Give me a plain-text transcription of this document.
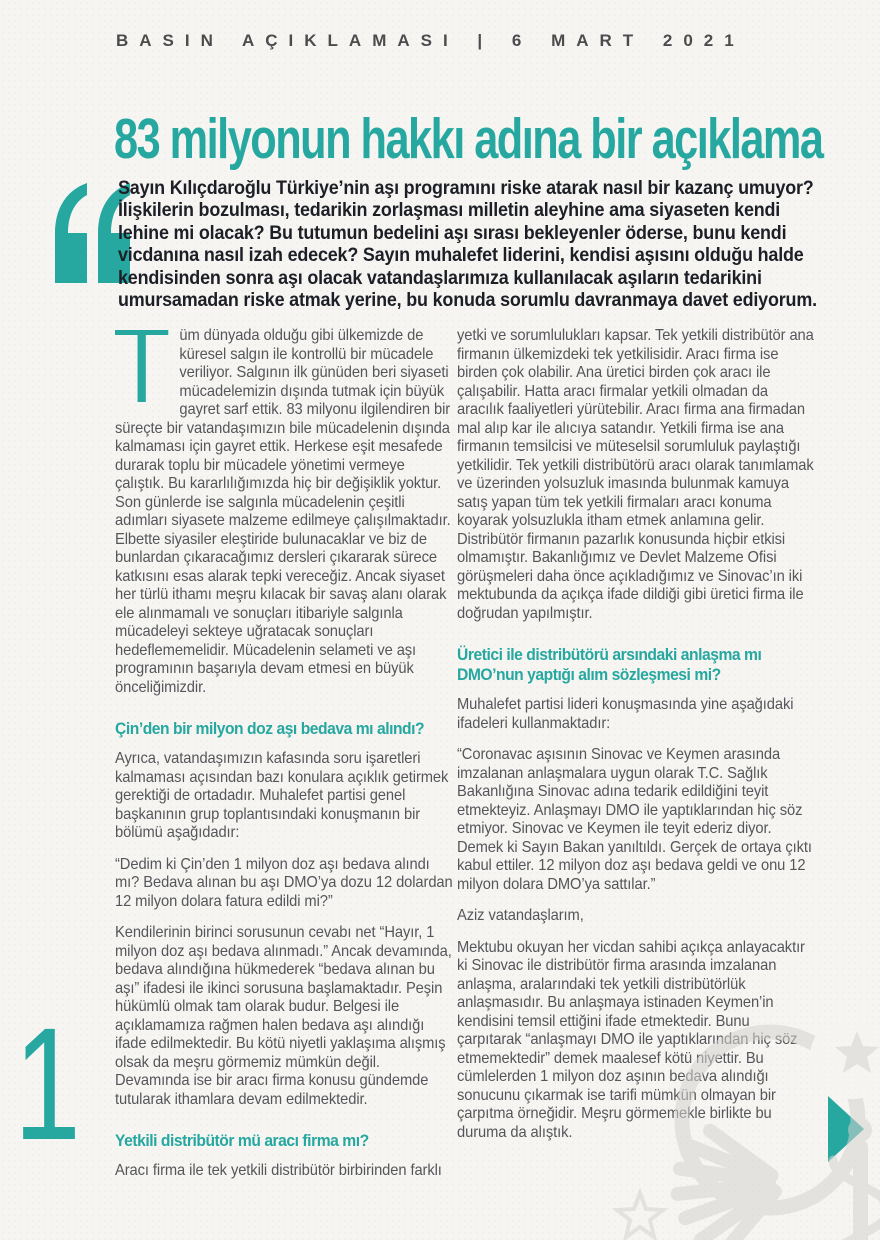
BASIN AÇIKLAMASI | 6 MART 2021
83 milyonun hakkı adına bir açıklama
Sayın Kılıçdaroğlu Türkiye’nin aşı programını riske atarak nasıl bir kazanç umuyor? İlişkilerin bozulması, tedarikin zorlaşması milletin aleyhine ama siyaseten kendi lehine mi olacak? Bu tutumun bedelini aşı sırası bekleyenler öderse, bunu kendi vicdanına nasıl izah edecek? Sayın muhalefet liderini, kendisi aşısını olduğu halde kendisinden sonra aşı olacak vatandaşlarımıza kullanılacak aşıların tedarikini umursamadan riske atmak yerine, bu konuda sorumlu davranmaya davet ediyorum.

üm dünyada olduğu gibi ülkemizde de küresel salgın ile kontrollü bir mücadele veriliyor. Salgının ilk günüden beri siyaseti mücadelemizin dışında tutmak için büyük gayret sarf ettik. 83 milyonu ilgilendiren bir süreçte bir vatandaşımızın bile mücadelenin dışında kalmaması için gayret ettik. Herkese eşit mesafede durarak toplu bir mücadele yönetimi vermeye çalıştık. Bu kararlılığımızda hiç bir değişiklik yoktur. Son günlerde ise salgınla mücadelenin çeşitli adımları siyasete malzeme edilmeye çalışılmaktadır. Elbette siyasiler eleştiride bulunacaklar ve biz de bunlardan çıkaracağımız dersleri çıkararak sürece katkısını esas alarak tepki vereceğiz. Ancak siyaset her türlü ithamı meşru kılacak bir savaş alanı olarak ele alınmamalı ve sonuçları itibariyle salgınla mücadeleyi sekteye uğratacak sonuçları hedeflememelidir. Mücadelenin selameti ve aşı programının başarıyla devam etmesi en büyük önceliğimizdir.

Çin’den bir milyon doz aşı bedava mı alındı?

Ayrıca, vatandaşımızın kafasında soru işaretleri kalmaması açısından bazı konulara açıklık getirmek gerektiği de ortadadır. Muhalefet partisi genel başkanının grup toplantısındaki konuşmanın bir bölümü aşağıdadır:

“Dedim ki Çin’den 1 milyon doz aşı bedava alındı mı? Bedava alınan bu aşı DMO’ya dozu 12 dolardan 12 milyon dolara fatura edildi mi?”

Kendilerinin birinci sorusunun cevabı net “Hayır, 1 milyon doz aşı bedava alınmadı.” Ancak devamında, bedava alındığına hükmederek “bedava alınan bu aşı” ifadesi ile ikinci sorusuna başlamaktadır. Peşin hükümlü olmak tam olarak budur. Belgesi ile açıklamamıza rağmen halen bedava aşı alındığı ifade edilmektedir. Bu kötü niyetli yaklaşıma alışmış olsak da meşru görmemiz mümkün değil. Devamında ise bir aracı firma konusu gündemde tutularak ithamlara devam edilmektedir.

Yetkili distribütör mü aracı firma mı?

Aracı firma ile tek yetkili distribütör birbirinden farklı

yetki ve sorumlulukları kapsar. Tek yetkili distribütör ana firmanın ülkemizdeki tek yetkilisidir. Aracı firma ise birden çok olabilir. Ana üretici birden çok aracı ile çalışabilir. Hatta aracı firmalar yetkili olmadan da aracılık faaliyetleri yürütebilir. Aracı firma ana firmadan mal alıp kar ile alıcıya satandır. Yetkili firma ise ana firmanın temsilcisi ve müteselsil sorumluluk paylaştığı yetkilidir. Tek yetkili distribütörü aracı olarak tanımlamak ve üzerinden yolsuzluk imasında bulunmak kamuya satış yapan tüm tek yetkili firmaları aracı konuma koyarak yolsuzlukla itham etmek anlamına gelir. Distribütör firmanın pazarlık konusunda hiçbir etkisi olmamıştır. Bakanlığımız ve Devlet Malzeme Ofisi görüşmeleri daha önce açıkladığımız ve Sinovac’ın iki mektubunda da açıkça ifade dildiği gibi üretici firma ile doğrudan yapılmıştır.

Üretici ile distribütörü arsındaki anlaşma mı DMO’nun yaptığı alım sözleşmesi mi?

Muhalefet partisi lideri konuşmasında yine aşağıdaki ifadeleri kullanmaktadır:

“Coronavac aşısının Sinovac ve Keymen arasında imzalanan anlaşmalara uygun olarak T.C. Sağlık Bakanlığına Sinovac adına tedarik edildiğini teyit etmekteyiz. Anlaşmayı DMO ile yaptıklarından hiç söz etmiyor. Sinovac ve Keymen ile teyit ederiz diyor. Demek ki Sayın Bakan yanıltıldı. Gerçek de ortaya çıktı kabul ettiler. 12 milyon doz aşı bedava geldi ve onu 12 milyon dolara DMO’ya sattılar.”

Aziz vatandaşlarım,

Mektubu okuyan her vicdan sahibi açıkça anlayacaktır ki Sinovac ile distribütör firma arasında imzalanan anlaşma, aralarındaki tek yetkili distribütörlük anlaşmasıdır. Bu anlaşmaya istinaden Keymen’in kendisini temsil ettiğini ifade etmektedir. Bunu çarpıtarak “anlaşmayı DMO ile yaptıklarından hiç söz etmemektedir” demek maalesef kötü niyettir. Bu cümlelerden 1 milyon doz aşının bedava alındığı sonucunu çıkarmak ise tarifi mümkün olmayan bir çarpıtma örneğidir. Meşru görmemekle birlikte bu duruma da alıştık.

1
